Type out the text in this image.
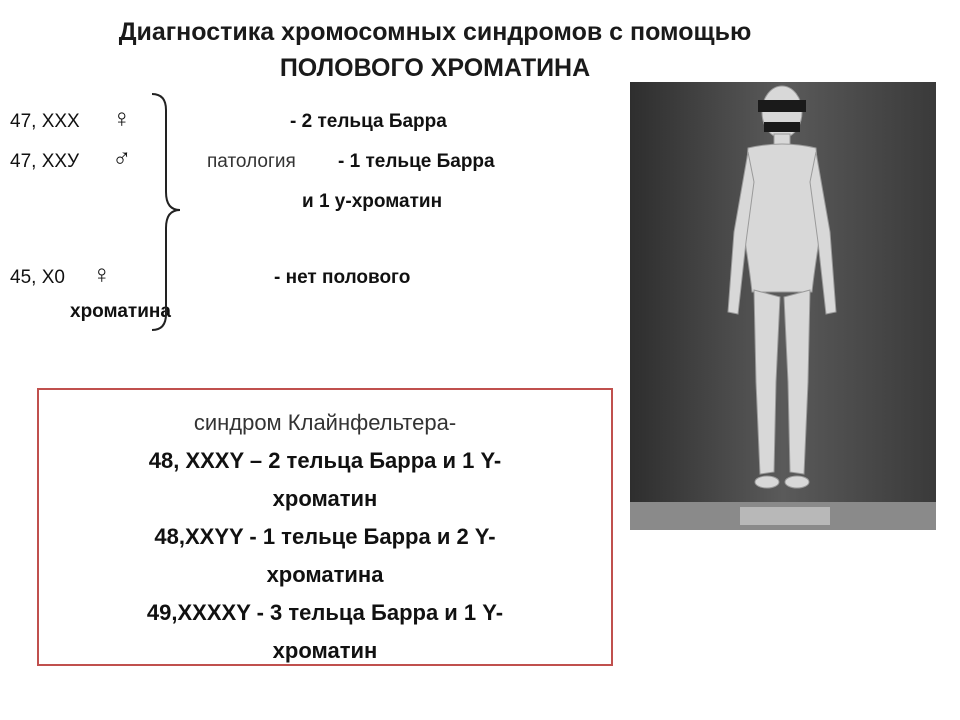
Диагностика хромосомных синдромов с помощью
ПОЛОВОГО ХРОМАТИНА
47, ХХХ ♀	- 2 тельца Барра
47, ХХУ ♂	патология - 1 тельце Барра
и 1 у-хроматин
45, Х0 ♀	- нет полового
хроматина

синдром Клайнфельтера-

48, XXXY – 2 тельца Барра и 1 Y-

хроматин

48,XXYY - 1 тельце Барра и 2 Y-

хроматина

49,XXXXY - 3 тельца Барра и 1 Y-

хроматин
